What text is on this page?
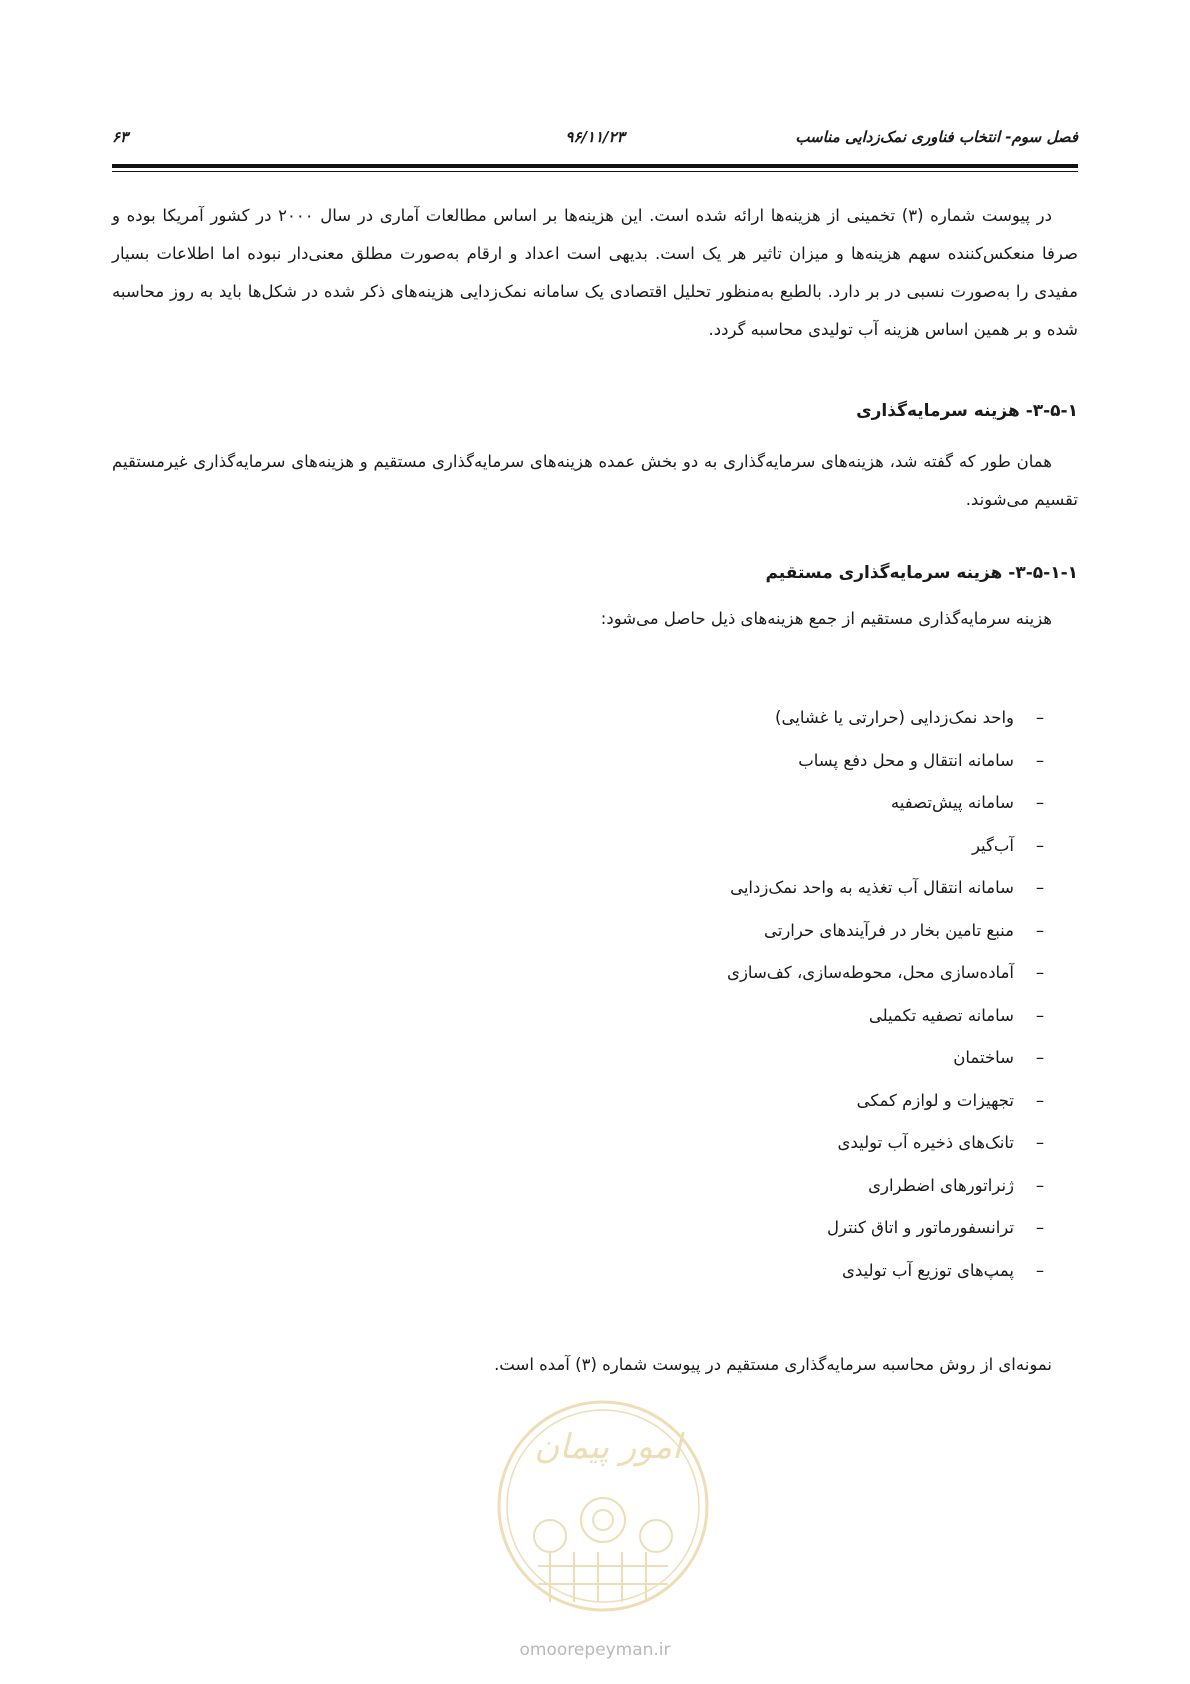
فصل سوم- انتخاب فناوری نمک‌زدایی مناسب
۹۶/۱۱/۲۳
۶۳

در پیوست شماره (۳) تخمینی از هزینه‌ها ارائه شده است. این هزینه‌ها بر اساس مطالعات آماری در سال ۲۰۰۰ در کشور آمریکا بوده و صرفا منعکس‌کننده سهم هزینه‌ها و میزان تاثیر هر یک است. بدیهی است اعداد و ارقام به‌صورت مطلق معنی‌دار نبوده اما اطلاعات بسیار مفیدی را به‌صورت نسبی در بر دارد. بالطبع به‌منظور تحلیل اقتصادی یک سامانه نمک‌زدایی هزینه‌های ذکر شده در شکل‌ها باید به روز محاسبه شده و بر همین اساس هزینه آب تولیدی محاسبه گردد.

۳-۵-۱- هزینه سرمایه‌گذاری

همان طور که گفته شد، هزینه‌های سرمایه‌گذاری به دو بخش عمده هزینه‌های سرمایه‌گذاری مستقیم و هزینه‌های سرمایه‌گذاری غیرمستقیم تقسیم می‌شوند.

۳-۵-۱-۱- هزینه سرمایه‌گذاری مستقیم
هزینه سرمایه‌گذاری مستقیم از جمع هزینه‌های ذیل حاصل می‌شود:
–واحد نمک‌زدایی (حرارتی یا غشایی)
–سامانه انتقال و محل دفع پساب
–سامانه پیش‌تصفیه
–آب‌گیر
–سامانه انتقال آب تغذیه به واحد نمک‌زدایی
–منبع تامین بخار در فرآیندهای حرارتی
–آماده‌سازی محل، محوطه‌سازی، کف‌سازی
–سامانه تصفیه تکمیلی
–ساختمان
–تجهیزات و لوازم کمکی
–تانک‌های ذخیره آب تولیدی
–ژنراتورهای اضطراری
–ترانسفورماتور و اتاق کنترل
–پمپ‌های توزیع آب تولیدی
نمونه‌ای از روش محاسبه سرمایه‌گذاری مستقیم در پیوست شماره (۳) آمده است.
امور پیمان
omoorepeyman.ir
